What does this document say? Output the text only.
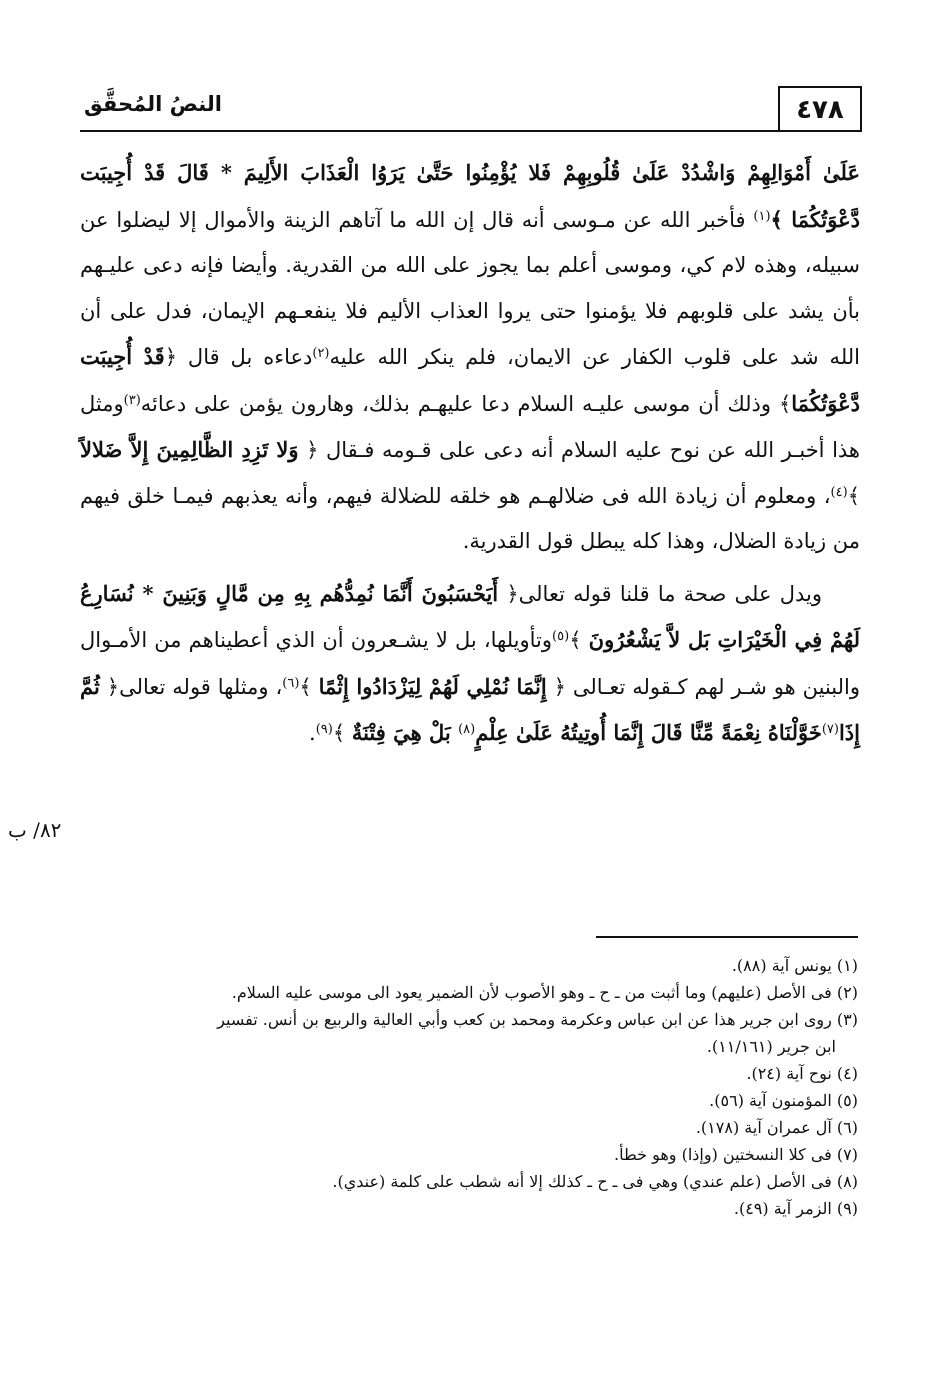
٤٧٨
النصُ المُحقَّق

عَلَىٰ أَمْوَالِهِمْ وَاشْدُدْ عَلَىٰ قُلُوبِهِمْ فَلا يُؤْمِنُوا حَتَّىٰ يَرَوُا الْعَذَابَ الأَلِيمَ * قَالَ قَدْ أُجِيبَت دَّعْوَتُكُمَا ﴾$^{(١)}$ فأخبر الله عن مـوسى أنه قال إن الله ما آتاهم الزينة والأموال إلا ليضلوا عن سبيله، وهذه لام كي، وموسى أعلم بما يجوز على الله من القدرية. وأيضا فإنه دعى عليـهم بأن يشد على قلوبهم فلا يؤمنوا حتى يروا العذاب الأليم فلا ينفعـهم الإيمان، فدل على أن الله شد على قلوب الكفار عن الايمان، فلم ينكر الله عليه$^{(٢)}$دعاءه بل قال ﴿قَدْ أُجِيبَت دَّعْوَتُكُمَا﴾ وذلك أن موسى عليـه السلام دعا عليهـم بذلك، وهارون يؤمن على دعائه$^{(٣)}$ومثل هذا أخبـر الله عن نوح عليه السلام أنه دعى على قـومه فـقال ﴿ وَلا تَزِدِ الظَّالِمِينَ إِلاَّ ضَلالاً ﴾$^{(٤)}$، ومعلوم أن زيادة الله فى ضلالهـم هو خلقه للضلالة فيهم، وأنه يعذبهم فيمـا خلق فيهم من زيادة الضلال، وهذا كله يبطل قول القدرية.

ويدل على صحة ما قلنا قوله تعالى﴿ أَيَحْسَبُونَ أَنَّمَا نُمِدُّهُم بِهِ مِن مَّالٍ وَبَنِينَ * نُسَارِعُ لَهُمْ فِي الْخَيْرَاتِ بَل لاَّ يَشْعُرُونَ ﴾$^{(٥)}$وتأويلها، بل لا يشـعرون أن الذي أعطيناهم من الأمـوال والبنين هو شـر لهم كـقوله تعـالى ﴿ إِنَّمَا نُمْلِي لَهُمْ لِيَزْدَادُوا إِثْمًا ﴾$^{(٦)}$، ومثلها قوله تعالى﴿ ثُمَّ إِذَا$^{(٧)}$خَوَّلْنَاهُ نِعْمَةً مِّنَّا قَالَ إِنَّمَا أُوتِيتُهُ عَلَىٰ عِلْمٍ$^{(٨)}$ بَلْ هِيَ فِتْنَةٌ ﴾$^{(٩)}$.

٨٢/ ب
(١) يونس آية (٨٨).
(٢) فى الأصل (عليهم) وما أثبت من ـ ح ـ وهو الأصوب لأن الضمير يعود الى موسى عليه السلام.
(٣) روى ابن جرير هذا عن ابن عباس وعكرمة ومحمد بن كعب وأبي العالية والربيع بن أنس. تفسير
ابن جرير (١١/١٦١).
(٤) نوح آية (٢٤).
(٥) المؤمنون آية (٥٦).
(٦) آل عمران آية (١٧٨).
(٧) فى كلا النسختين (وإذا) وهو خطأ.
(٨) فى الأصل (علم عندي) وهي فى ـ ح ـ كذلك إلا أنه شطب على كلمة (عندي).
(٩) الزمر آية (٤٩).
